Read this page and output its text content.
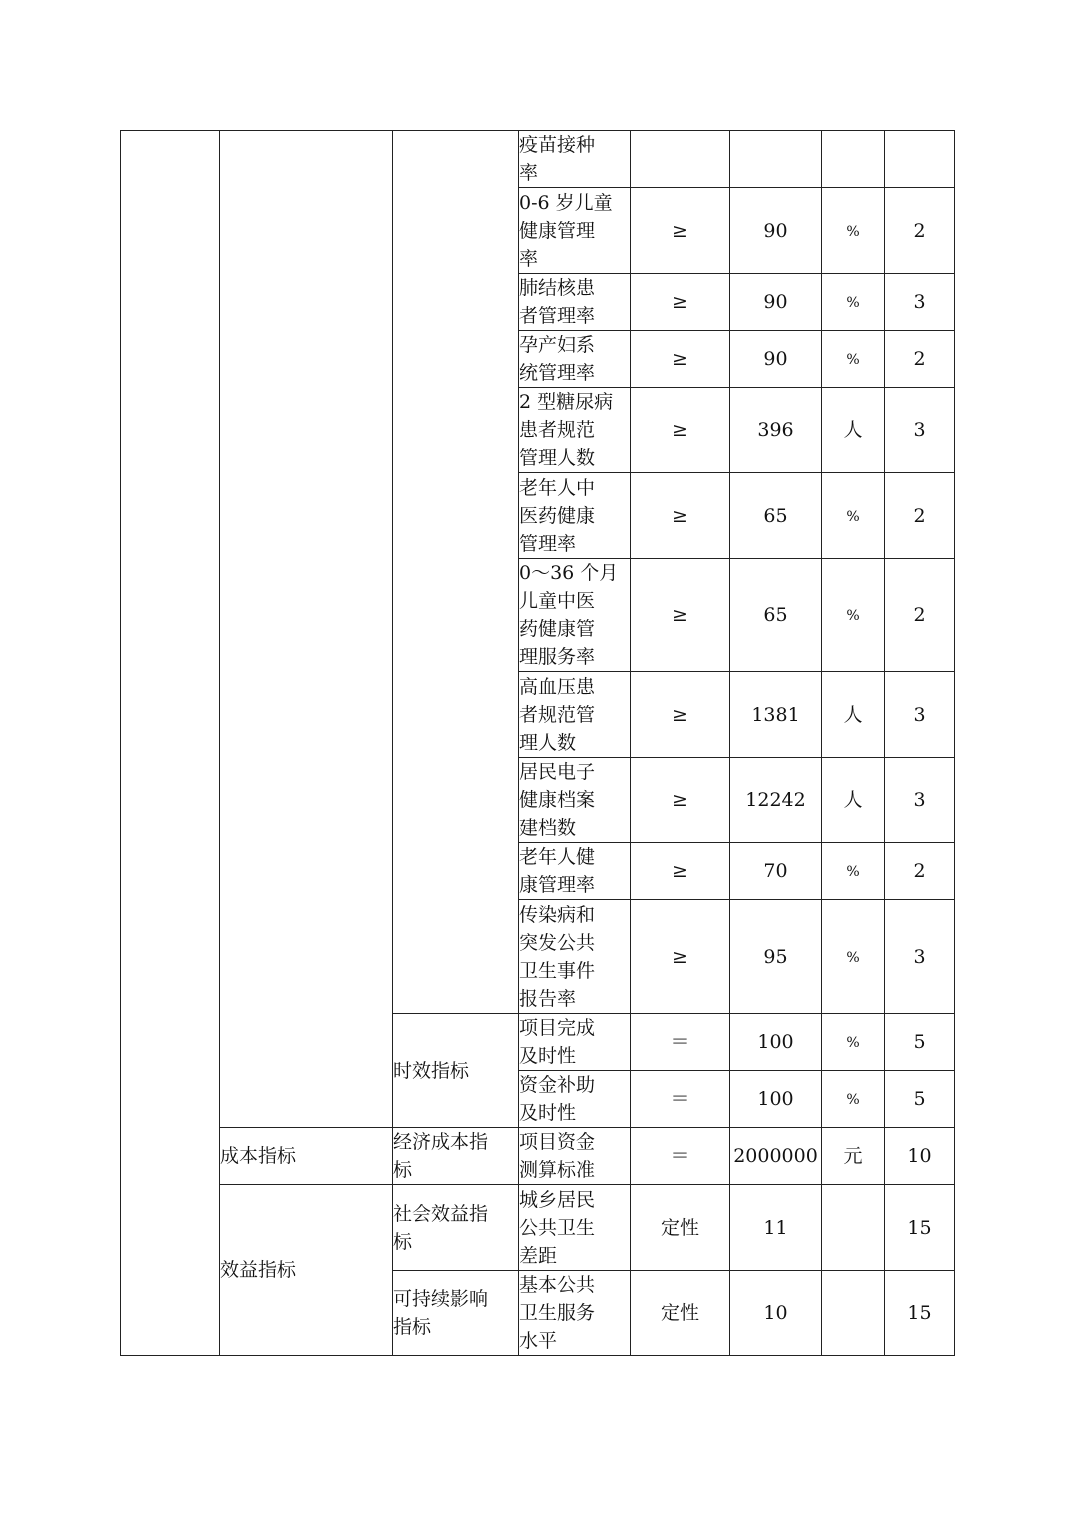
			疫苗接种
率				
			0-6 岁儿童
健康管理
率	≥	90	%	2
			肺结核患
者管理率	≥	90	%	3
			孕产妇系
统管理率	≥	90	%	2
			2 型糖尿病
患者规范
管理人数	≥	396	人	3
			老年人中
医药健康
管理率	≥	65	%	2
			0～36 个月
儿童中医
药健康管
理服务率	≥	65	%	2
			高血压患
者规范管
理人数	≥	1381	人	3
			居民电子
健康档案
建档数	≥	12242	人	3
			老年人健
康管理率	≥	70	%	2
			传染病和
突发公共
卫生事件
报告率	≥	95	%	3
		时效指标	项目完成
及时性	＝	100	%	5
			资金补助
及时性	＝	100	%	5
	成本指标	经济成本指
标	项目资金
测算标准	＝	2000000	元	10
	效益指标	社会效益指
标	城乡居民
公共卫生
差距	定性	11		15
		可持续影响
指标	基本公共
卫生服务
水平	定性	10		15
